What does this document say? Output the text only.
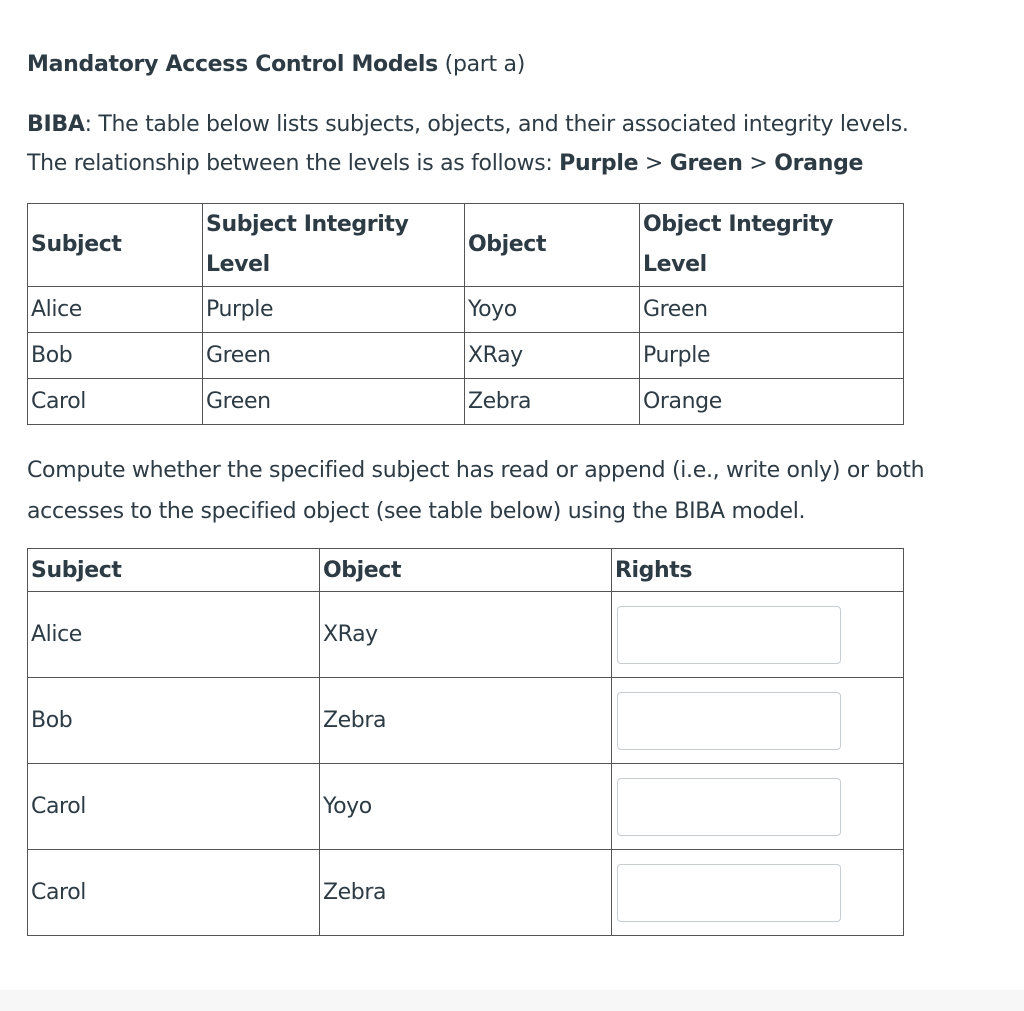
Mandatory Access Control Models (part a)

BIBA: The table below lists subjects, objects, and their associated integrity levels.
The relationship between the levels is as follows: Purple > Green > Orange

Subject	Subject Integrity Level	Object	Object Integrity Level
Alice	Purple	Yoyo	Green
Bob	Green	XRay	Purple
Carol	Green	Zebra	Orange

Compute whether the specified subject has read or append (i.e., write only) or both accesses to the specified object (see table below) using the BIBA model.

Subject	Object	Rights
Alice	XRay	

Bob	Zebra	

Carol	Yoyo	

Carol	Zebra	
